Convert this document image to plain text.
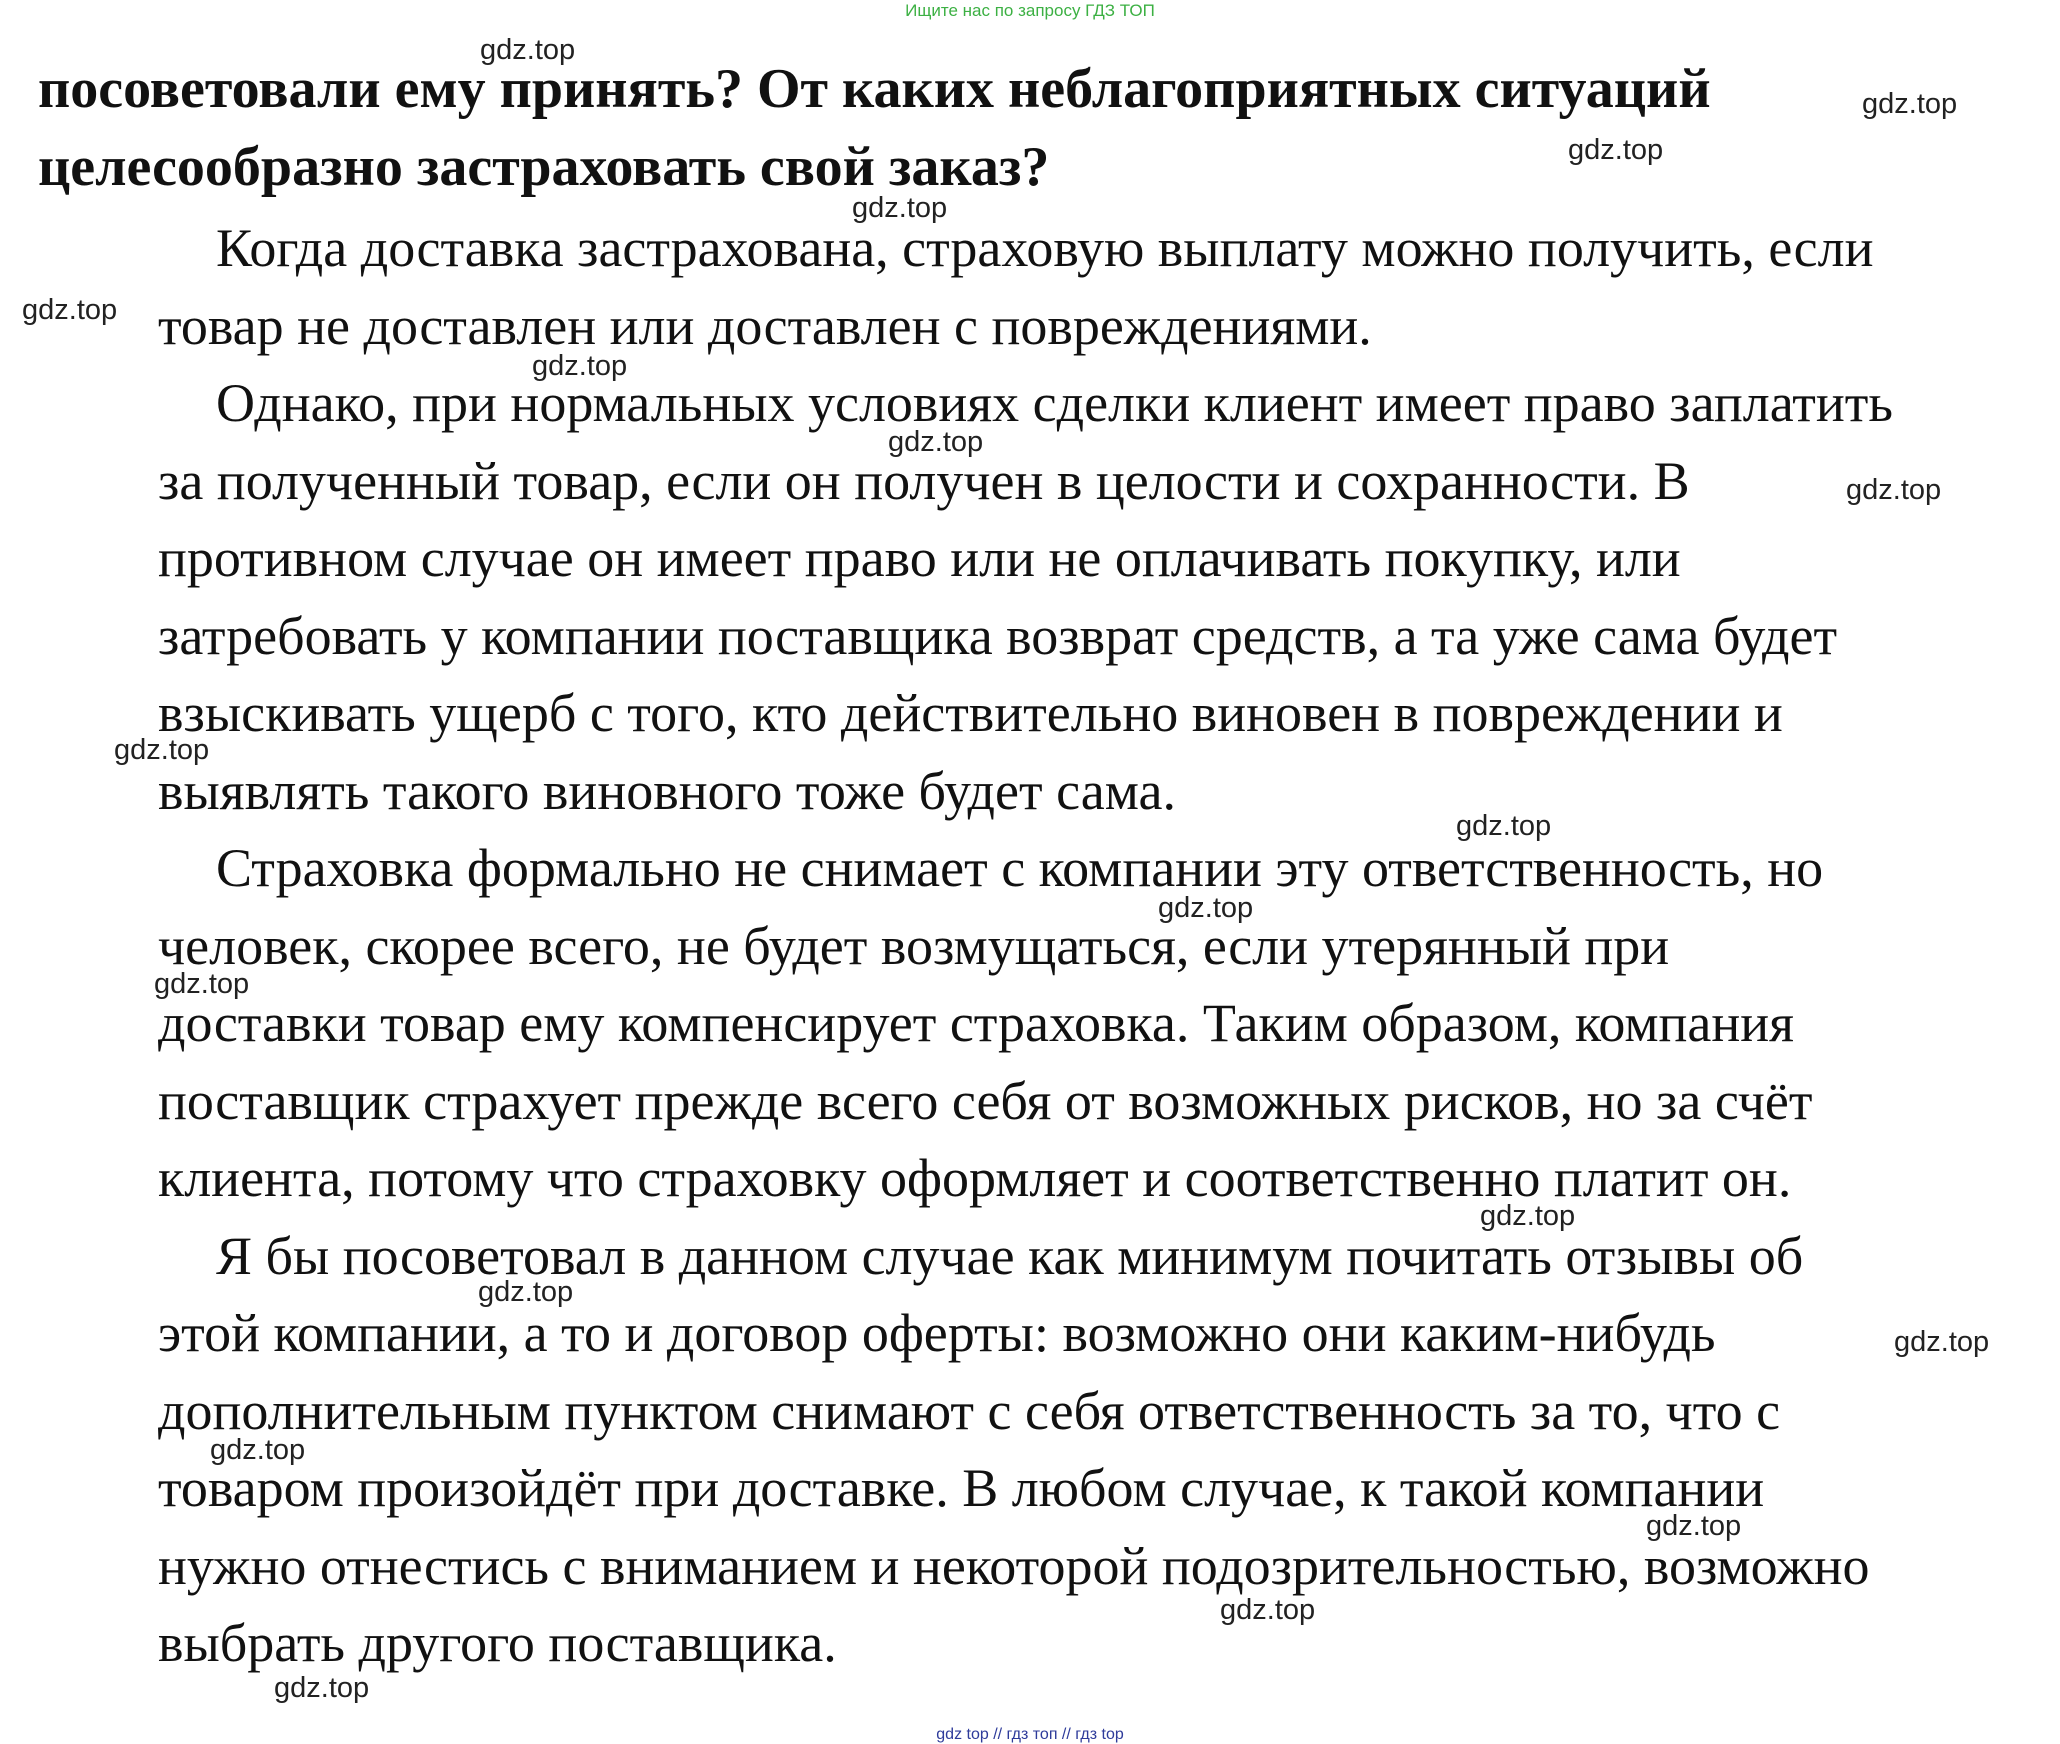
Ищите нас по запросу ГДЗ ТОП
посоветовали ему принять? От каких неблагоприятных ситуаций
целесообразно застраховать свой заказ?
Когда доставка застрахована, страховую выплату можно получить, если
товар не доставлен или доставлен с повреждениями.
Однако, при нормальных условиях сделки клиент имеет право заплатить
за полученный товар, если он получен в целости и сохранности. В
противном случае он имеет право или не оплачивать покупку, или
затребовать у компании поставщика возврат средств, а та уже сама будет
взыскивать ущерб с того, кто действительно виновен в повреждении и
выявлять такого виновного тоже будет сама.
Страховка формально не снимает с компании эту ответственность, но
человек, скорее всего, не будет возмущаться, если утерянный при
доставки товар ему компенсирует страховка. Таким образом, компания
поставщик страхует прежде всего себя от возможных рисков, но за счёт
клиента, потому что страховку оформляет и соответственно платит он.
Я бы посоветовал в данном случае как минимум почитать отзывы об
этой компании, а то и договор оферты: возможно они каким-нибудь
дополнительным пунктом снимают с себя ответственность за то, что с
товаром произойдёт при доставке. В любом случае, к такой компании
нужно отнестись с вниманием и некоторой подозрительностью, возможно
выбрать другого поставщика.
gdz.top
gdz.top
gdz.top
gdz.top
gdz.top
gdz.top
gdz.top
gdz.top
gdz.top
gdz.top
gdz.top
gdz.top
gdz.top
gdz.top
gdz.top
gdz.top
gdz.top
gdz.top
gdz.top
gdz top // гдз топ // гдз top
